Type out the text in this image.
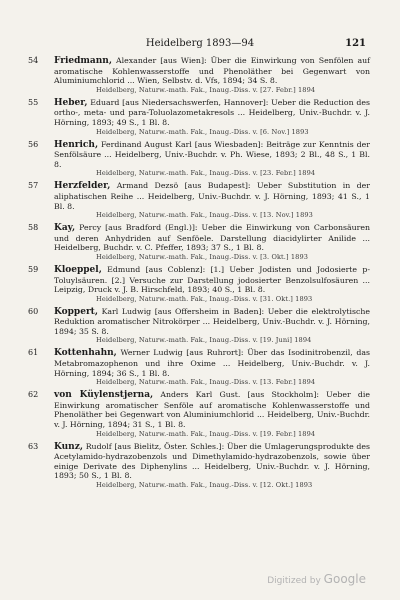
Heidelberg 1893—94	121
54	Friedmann, Alexander [aus Wien]: Über die Einwirkung von Senfölen auf aromatische Kohlenwasserstoffe und Phenoläther bei Gegenwart von Aluminiumchlorid ... Wien, Selbstv. d. Vfs, 1894; 34 S. 8.
Heidelberg, Naturw.-math. Fak., Inaug.-Diss. v. [27. Febr.] 1894
55	Heber, Eduard [aus Niedersachswerfen, Hannover]: Ueber die Reduction des ortho-, meta- und para-Toluolazometakresols ... Heidelberg, Univ.-Buchdr. v. J. Hörning, 1893; 49 S., 1 Bl. 8.
Heidelberg, Naturw.-math. Fak., Inaug.-Diss. v. [6. Nov.] 1893
56	Henrich, Ferdinand August Karl [aus Wiesbaden]: Beiträge zur Kenntnis der Senfölsäure ... Heidelberg, Univ.-Buchdr. v. Ph. Wiese, 1893; 2 Bl., 48 S., 1 Bl. 8.
Heidelberg, Naturw.-math. Fak., Inaug.-Diss. v. [23. Febr.] 1894
57	Herzfelder, Armand Dezsö [aus Budapest]: Ueber Substitution in der aliphatischen Reihe ... Heidelberg, Univ.-Buchdr. v. J. Hörning, 1893; 41 S., 1 Bl. 8.
Heidelberg, Naturw.-math. Fak., Inaug.-Diss. v. [13. Nov.] 1893
58	Kay, Percy [aus Bradford (Engl.)]: Ueber die Einwirkung von Carbonsäuren und deren Anhydriden auf Senföele. Darstellung diacidylirter Anilide ... Heidelberg, Buchdr. v. C. Pfeffer, 1893; 37 S., 1 Bl. 8.
Heidelberg, Naturw.-math. Fak., Inaug.-Diss. v. [3. Okt.] 1893
59	Kloeppel, Edmund [aus Coblenz]: [1.] Ueber Jodisten und Jodosierte p-Toluylsäuren. [2.] Versuche zur Darstellung jodosierter Benzolsulfosäuren ... Leipzig, Druck v. J. B. Hirschfeld, 1893; 40 S., 1 Bl. 8.
Heidelberg, Naturw.-math. Fak., Inaug.-Diss. v. [31. Okt.] 1893
60	Koppert, Karl Ludwig [aus Offersheim in Baden]: Ueber die elektrolytische Reduktion aromatischer Nitrokörper ... Heidelberg, Univ.-Buchdr. v. J. Hörning, 1894; 35 S. 8.
Heidelberg, Naturw.-math. Fak., Inaug.-Diss. v. [19. Juni] 1894
61	Kottenhahn, Werner Ludwig [aus Ruhrort]: Über das Isodinitrobenzil, das Metabromazophenon und ihre Oxime ... Heidelberg, Univ.-Buchdr. v. J. Hörning, 1894; 36 S., 1 Bl. 8.
Heidelberg, Naturw.-math. Fak., Inaug.-Diss. v. [13. Febr.] 1894
62	von Küylenstjerna, Anders Karl Gust. [aus Stockholm]: Ueber die Einwirkung aromatischer Senföle auf aromatische Kohlenwasserstoffe und Phenoläther bei Gegenwart von Aluminiumchlorid ... Heidelberg, Univ.-Buchdr. v. J. Hörning, 1894; 31 S., 1 Bl. 8.
Heidelberg, Naturw.-math. Fak., Inaug.-Diss. v. [19. Febr.] 1894
63	Kunz, Rudolf [aus Bielitz, Öster. Schles.]: Über die Umlagerungsprodukte des Acetylamido-hydrazobenzols und Dimethylamido-hydrazobenzols, sowie über einige Derivate des Diphenylins ... Heidelberg, Univ.-Buchdr. v. J. Hörning, 1893; 50 S., 1 Bl. 8.
Heidelberg, Naturw.-math. Fak., Inaug.-Diss. v. [12. Okt.] 1893
Digitized by Google
